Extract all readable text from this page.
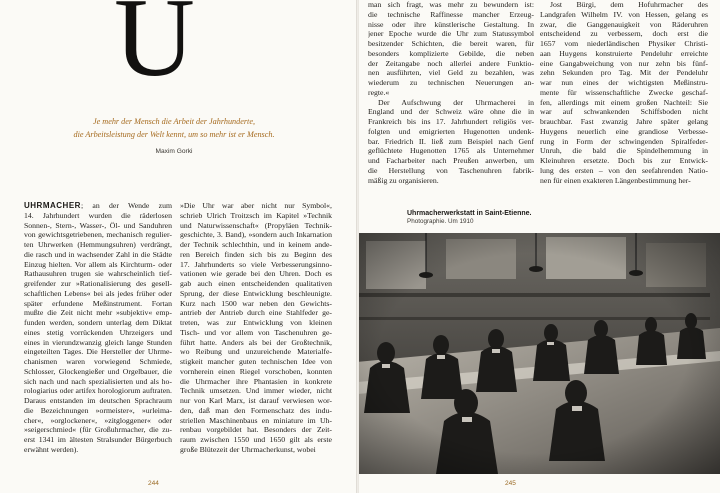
U
Je mehr der Mensch die Arbeit der Jahrhunderte,
die Arbeitsleistung der Welt kennt, um so mehr ist er Mensch.
Maxim Gorki
UHRMACHER; an der Wende zum
14. Jahrhundert wurden die räderlosen
Sonnen-, Stern-, Wasser-, Öl- und Sanduhren
von gewichtsgetriebenen, mechanisch regulier-
ten Uhrwerken (Hemmungsuhren) verdrängt,
die rasch und in wachsender Zahl in die Städte
Einzug hielten. Vor allem als Kirchturm- oder
Rathausuhren trugen sie wahrscheinlich tief-
greifender zur »Rationalisierung des gesell-
schaftlichen Lebens« bei als jedes früher oder
später erfundene Meßinstrument. Fortan
mußte die Zeit nicht mehr »subjektiv« emp-
funden werden, sondern unterlag dem Diktat
eines stetig vorrückenden Uhrzeigers und
eines in vierundzwanzig gleich lange Stunden
eingeteilten Tages. Die Hersteller der Uhrme-
chanismen waren vorwiegend Schmiede,
Schlosser, Glockengießer und Orgelbauer, die
sich nach und nach spezialisierten und als ho-
rologiarius oder artifex horologiorum auftraten.
Daraus entstanden im deutschen Sprachraum
die Bezeichnungen »ormeister«, »urleima-
cher«, »orglockener«, »zitgloggener« oder
»seigerschmied« (für Großuhrmacher, die zu-
erst 1341 im ältesten Stralsunder Bürgerbuch
erwähnt werden).
»Die Uhr war aber nicht nur Symbol«,
schrieb Ulrich Troitzsch im Kapitel »Technik
und Naturwissenschaft« (Propyläen Technik-
geschichte, 3. Band), »sondern auch Inkarnation
der Technik schlechthin, und in keinem ande-
ren Bereich finden sich bis zu Beginn des
17. Jahrhunderts so viele Verbesserungsinno-
vationen wie gerade bei den Uhren. Doch es
gab auch einen entscheidenden qualitativen
Sprung, der diese Entwicklung beschleunigte.
Kurz nach 1500 war neben den Gewichts-
antrieb der Antrieb durch eine Stahlfeder ge-
treten, was zur Entwicklung von kleinen
Tisch- und vor allem von Taschenuhren ge-
führt hatte. Anders als bei der Großtechnik,
wo Reibung und unzureichende Materialfe-
stigkeit mancher guten technischen Idee von
vornherein einen Riegel vorschoben, konnten
die Uhrmacher ihre Phantasien in konkrete
Technik umsetzen. Und immer wieder, nicht
nur von Karl Marx, ist darauf verwiesen wor-
den, daß man den Formenschatz des indu-
striellen Maschinenbaus en miniature im Uh-
renbau vorgebildet hat. Besonders der Zeit-
raum zwischen 1550 und 1650 gilt als erste
große Blütezeit der Uhrmacherkunst, wobei
244
man sich fragt, was mehr zu bewundern ist:
die technische Raffinesse mancher Erzeug-
nisse oder ihre künstlerische Gestaltung. In
jener Epoche wurde die Uhr zum Statussymbol
besitzender Schichten, die bereit waren, für
besonders komplizierte Gebilde, die neben
der Zeitangabe noch allerlei andere Funktio-
nen ausführten, viel Geld zu bezahlen, was
wiederum zu technischen Neuerungen an-
regte.«
Der Aufschwung der Uhrmacherei in
England und der Schweiz wäre ohne die in
Frankreich bis ins 17. Jahrhundert religiös ver-
folgten und emigrierten Hugenotten undenk-
bar. Friedrich II. ließ zum Beispiel nach Genf
geflüchtete Hugenotten 1765 als Unternehmer
und Facharbeiter nach Preußen anwerben, um
die Herstellung von Taschenuhren fabrik-
mäßig zu organisieren.
Jost Bürgi, dem Hofuhrmacher des
Landgrafen Wilhelm IV. von Hessen, gelang es
zwar, die Ganggenauigkeit von Räderuhren
entscheidend zu verbessern, doch erst die
1657 vom niederländischen Physiker Christi-
aan Huygens konstruierte Pendeluhr erreichte
eine Gangabweichung von nur zehn bis fünf-
zehn Sekunden pro Tag. Mit der Pendeluhr
war nun eines der wichtigsten Meßinstru-
mente für wissenschaftliche Zwecke geschaf-
fen, allerdings mit einem großen Nachteil: Sie
war auf schwankenden Schiffsboden nicht
brauchbar. Fast zwanzig Jahre später gelang
Huygens neuerlich eine grandiose Verbesse-
rung in Form der schwingenden Spiralfeder-
Unruh, die bald die Spindelhemmung in
Kleinuhren ersetzte. Doch bis zur Entwick-
lung des ersten – von den seefahrenden Natio-
nen für einen exakteren Längenbestimmung her-
Uhrmacherwerkstatt in Saint-Etienne.
Photographie. Um 1910
245
